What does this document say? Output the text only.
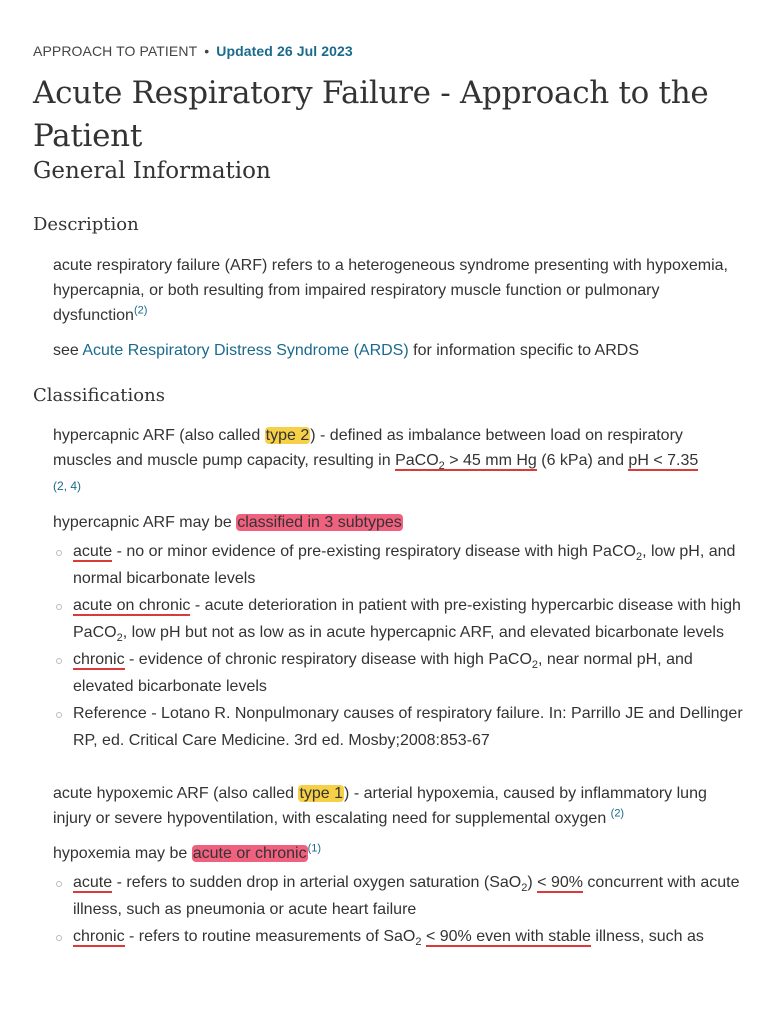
APPROACH TO PATIENT • Updated 26 Jul 2023
Acute Respiratory Failure - Approach to the Patient
General Information
Description

acute respiratory failure (ARF) refers to a heterogeneous syndrome presenting with hypoxemia, hypercapnia, or both resulting from impaired respiratory muscle function or pulmonary dysfunction$^{(2)}$

see Acute Respiratory Distress Syndrome (ARDS) for information specific to ARDS

Classifications

hypercapnic ARF (also called type 2) - defined as imbalance between load on respiratory muscles and muscle pump capacity, resulting in PaCO$_2$ > 45 mm Hg (6 kPa) and pH < 7.35
(2, 4)

hypercapnic ARF may be classified in 3 subtypes

acute - no or minor evidence of pre-existing respiratory disease with high PaCO$_2$, low pH, and normal bicarbonate levels
acute on chronic - acute deterioration in patient with pre-existing hypercarbic disease with high PaCO$_2$, low pH but not as low as in acute hypercapnic ARF, and elevated bicarbonate levels
chronic - evidence of chronic respiratory disease with high PaCO$_2$, near normal pH, and elevated bicarbonate levels
Reference - Lotano R. Nonpulmonary causes of respiratory failure. In: Parrillo JE and Dellinger RP, ed. Critical Care Medicine. 3rd ed. Mosby;2008:853-67

acute hypoxemic ARF (also called type 1) - arterial hypoxemia, caused by inflammatory lung injury or severe hypoventilation, with escalating need for supplemental oxygen $^{(2)}$

hypoxemia may be acute or chronic$^{(1)}$

acute - refers to sudden drop in arterial oxygen saturation (SaO$_2$) < 90% concurrent with acute illness, such as pneumonia or acute heart failure
chronic - refers to routine measurements of SaO$_2$ < 90% even with stable illness, such as
